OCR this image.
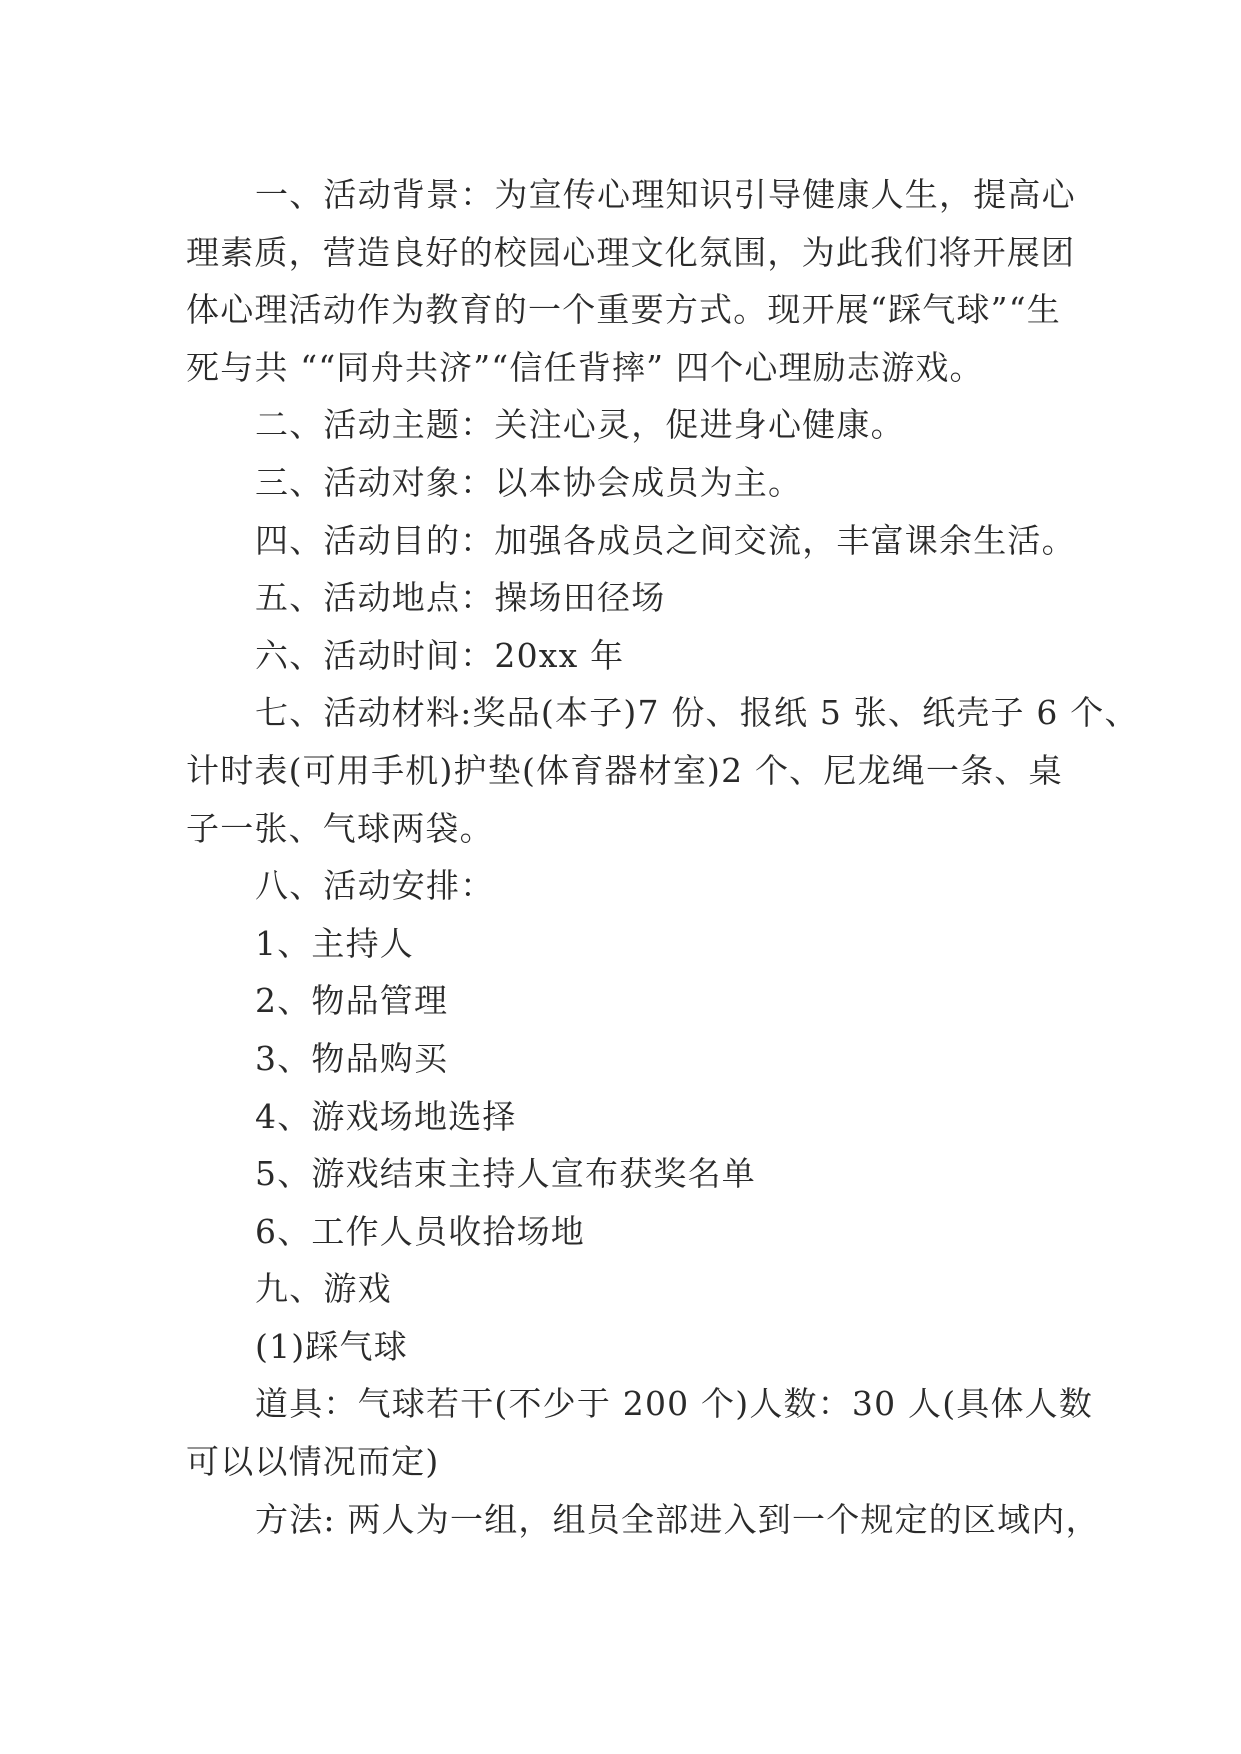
一、活动背景：为宣传心理知识引导健康人生，提高心
理素质，营造良好的校园心理文化氛围，为此我们将开展团
体心理活动作为教育的一个重要方式。现开展“踩气球”“生
死与共 ““同舟共济”“信任背摔” 四个心理励志游戏。
二、活动主题：关注心灵，促进身心健康。
三、活动对象：以本协会成员为主。
四、活动目的：加强各成员之间交流，丰富课余生活。
五、活动地点：操场田径场
六、活动时间：20xx 年
七、活动材料:奖品(本子)7 份、报纸 5 张、纸壳子 6 个、
计时表(可用手机)护垫(体育器材室)2 个、尼龙绳一条、桌
子一张、气球两袋。
八、活动安排：
1、主持人
2、物品管理
3、物品购买
4、游戏场地选择
5、游戏结束主持人宣布获奖名单
6、工作人员收拾场地
九、游戏
(1)踩气球
道具：气球若干(不少于 200 个)人数：30 人(具体人数
可以以情况而定)
方法: 两人为一组，组员全部进入到一个规定的区域内，
